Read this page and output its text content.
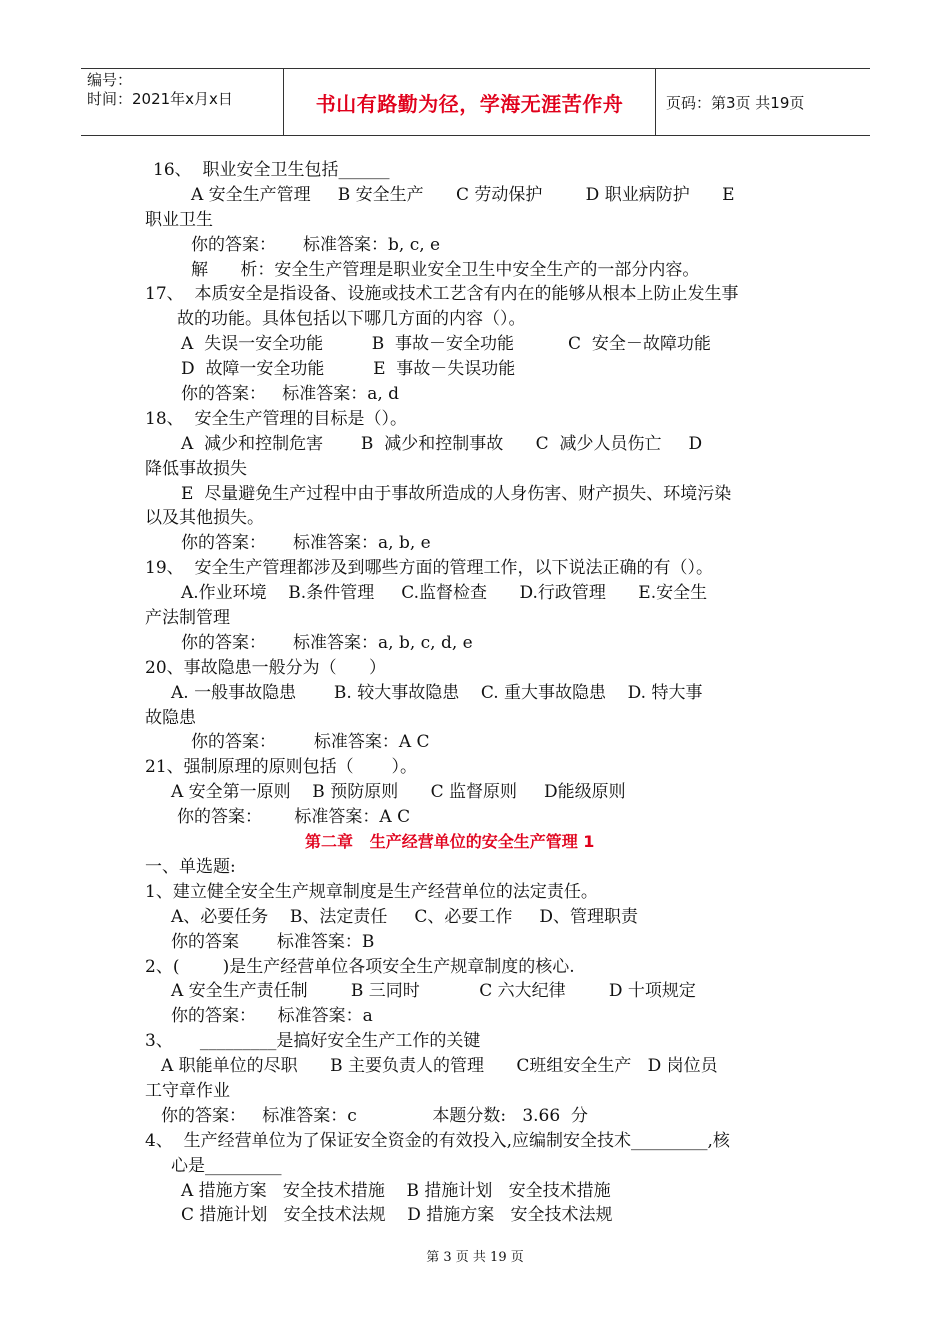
编号：
时间：2021年x月x日	书山有路勤为径，学海无涯苦作舟	页码：第3页 共19页
16、  职业安全卫生包括______
A 安全生产管理     B 安全生产      C 劳动保护        D 职业病防护      E
职业卫生
你的答案：     标准答案：b, c, e
解      析：安全生产管理是职业安全卫生中安全生产的一部分内容。
17、  本质安全是指设备、设施或技术工艺含有内在的能够从根本上防止发生事
故的功能。具体包括以下哪几方面的内容（）。
A  失误一安全功能         B  事故－安全功能          C  安全－故障功能
D  故障一安全功能         E  事故－失误功能
你的答案：   标准答案：a, d
18、  安全生产管理的目标是（）。
A  减少和控制危害       B  减少和控制事故      C  减少人员伤亡     D
降低事故损失
E  尽量避免生产过程中由于事故所造成的人身伤害、财产损失、环境污染
以及其他损失。
你的答案：     标准答案：a, b, e
19、  安全生产管理都涉及到哪些方面的管理工作，以下说法正确的有（）。
A.作业环境    B.条件管理     C.监督检查      D.行政管理      E.安全生
产法制管理
你的答案：     标准答案：a, b, c, d, e
20、事故隐患一般分为（      ）
A. 一般事故隐患       B. 较大事故隐患    C. 重大事故隐患    D. 特大事
故隐患
你的答案：       标准答案：A C
21、强制原理的原则包括（       ）。
A 安全第一原则    B 预防原则      C 监督原则     D能级原则
你的答案：      标准答案：A C
第二章   生产经营单位的安全生产管理 1
一、单选题:
1、建立健全安全生产规章制度是生产经营单位的法定责任。
A、必要任务    B、法定责任     C、必要工作     D、管理职责
你的答案       标准答案：B
2、(        )是生产经营单位各项安全生产规章制度的核心.
A 安全生产责任制        B 三同时           C 六大纪律        D 十项规定
你的答案：    标准答案：a
3、     _________是搞好安全生产工作的关键
A 职能单位的尽职      B 主要负责人的管理      C班组安全生产   D 岗位员
工守章作业
你的答案：   标准答案：c              本题分数:   3.66  分
4、  生产经营单位为了保证安全资金的有效投入,应编制安全技术_________,核
心是_________
A 措施方案   安全技术措施    B 措施计划   安全技术措施
C 措施计划   安全技术法规    D 措施方案   安全技术法规
第 3 页 共 19 页
